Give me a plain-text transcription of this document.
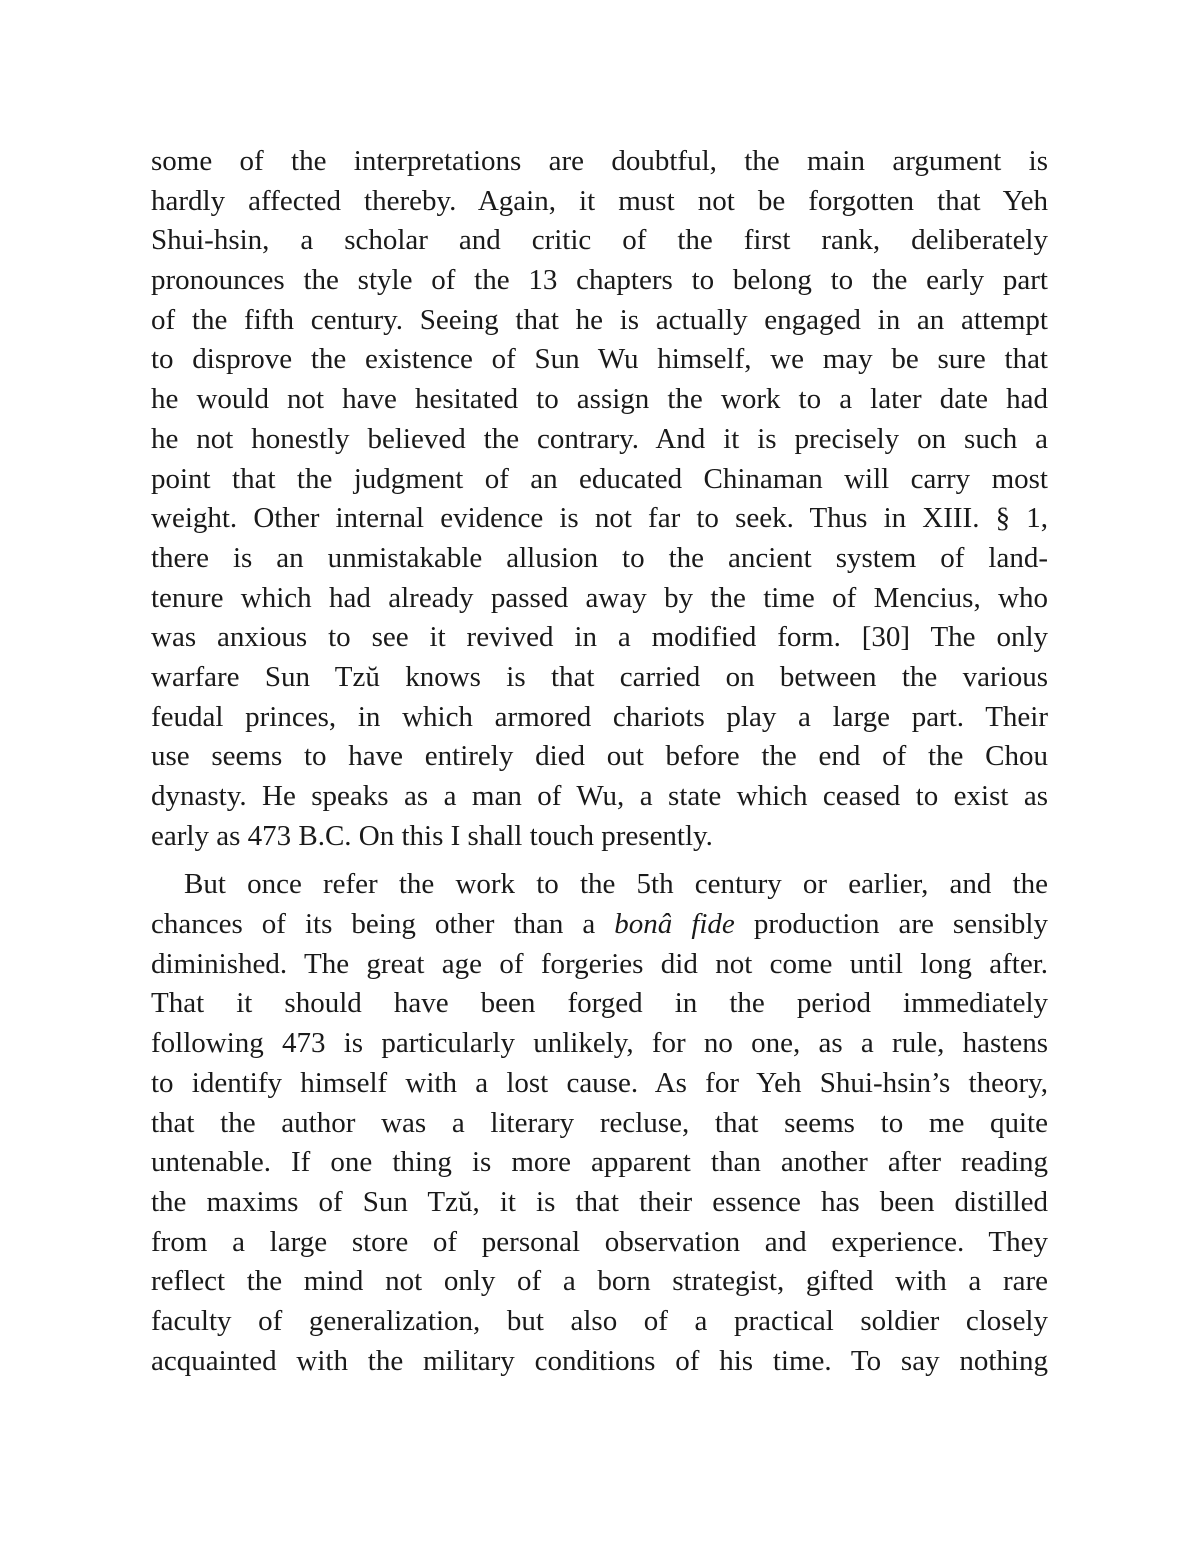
some of the interpretations are doubtful, the main argument is
hardly affected thereby. Again, it must not be forgotten that Yeh
Shui-hsin, a scholar and critic of the first rank, deliberately
pronounces the style of the 13 chapters to belong to the early part
of the fifth century. Seeing that he is actually engaged in an attempt
to disprove the existence of Sun Wu himself, we may be sure that
he would not have hesitated to assign the work to a later date had
he not honestly believed the contrary. And it is precisely on such a
point that the judgment of an educated Chinaman will carry most
weight. Other internal evidence is not far to seek. Thus in XIII. § 1,
there is an unmistakable allusion to the ancient system of land-
tenure which had already passed away by the time of Mencius, who
was anxious to see it revived in a modified form. [30] The only
warfare Sun Tzŭ knows is that carried on between the various
feudal princes, in which armored chariots play a large part. Their
use seems to have entirely died out before the end of the Chou
dynasty. He speaks as a man of Wu, a state which ceased to exist as
early as 473 B.C. On this I shall touch presently.
But once refer the work to the 5th century or earlier, and the
chances of its being other than a bonâ fide production are sensibly
diminished. The great age of forgeries did not come until long after.
That it should have been forged in the period immediately
following 473 is particularly unlikely, for no one, as a rule, hastens
to identify himself with a lost cause. As for Yeh Shui-hsin’s theory,
that the author was a literary recluse, that seems to me quite
untenable. If one thing is more apparent than another after reading
the maxims of Sun Tzŭ, it is that their essence has been distilled
from a large store of personal observation and experience. They
reflect the mind not only of a born strategist, gifted with a rare
faculty of generalization, but also of a practical soldier closely
acquainted with the military conditions of his time. To say nothing
